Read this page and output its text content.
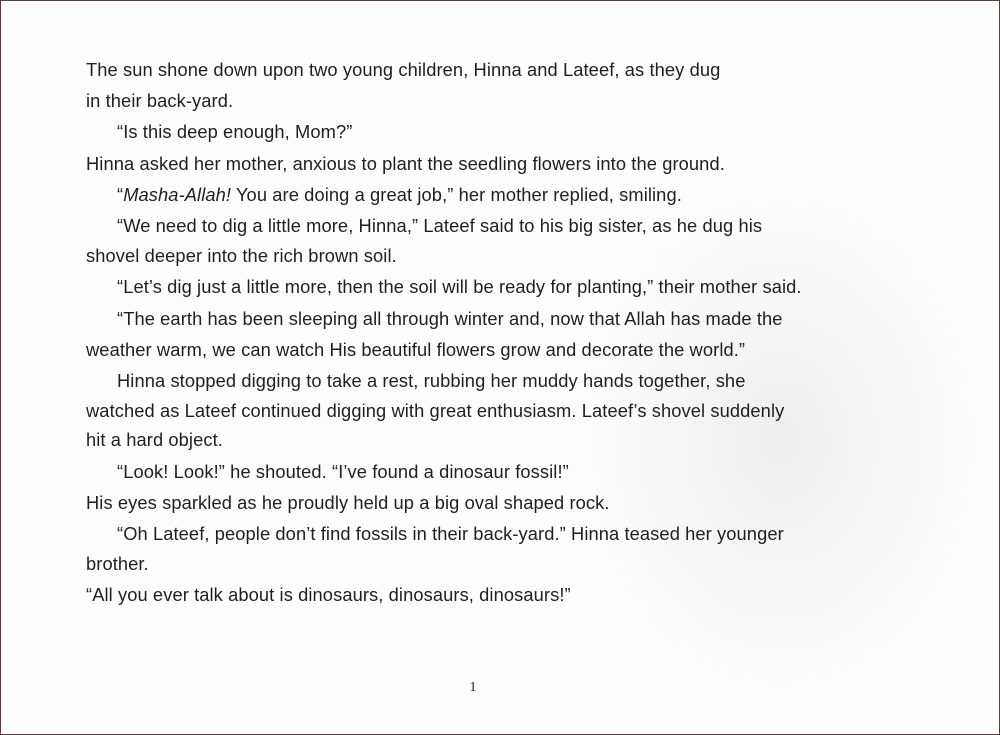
The sun shone down upon two young children, Hinna and Lateef, as they dug
in their back-yard.
“Is this deep enough, Mom?”
Hinna asked her mother, anxious to plant the seedling flowers into the ground.
“Masha-Allah! You are doing a great job,” her mother replied, smiling.
“We need to dig a little more, Hinna,” Lateef said to his big sister, as he dug his
shovel deeper into the rich brown soil.
“Let’s dig just a little more, then the soil will be ready for planting,” their mother said.
“The earth has been sleeping all through winter and, now that Allah has made the
weather warm, we can watch His beautiful flowers grow and decorate the world.”
Hinna stopped digging to take a rest, rubbing her muddy hands together, she
watched as Lateef continued digging with great enthusiasm. Lateef’s shovel suddenly
hit a hard object.
“Look! Look!” he shouted. “I’ve found a dinosaur fossil!”
His eyes sparkled as he proudly held up a big oval shaped rock.
“Oh Lateef, people don’t find fossils in their back-yard.” Hinna teased her younger
brother.
“All you ever talk about is dinosaurs, dinosaurs, dinosaurs!”
1
